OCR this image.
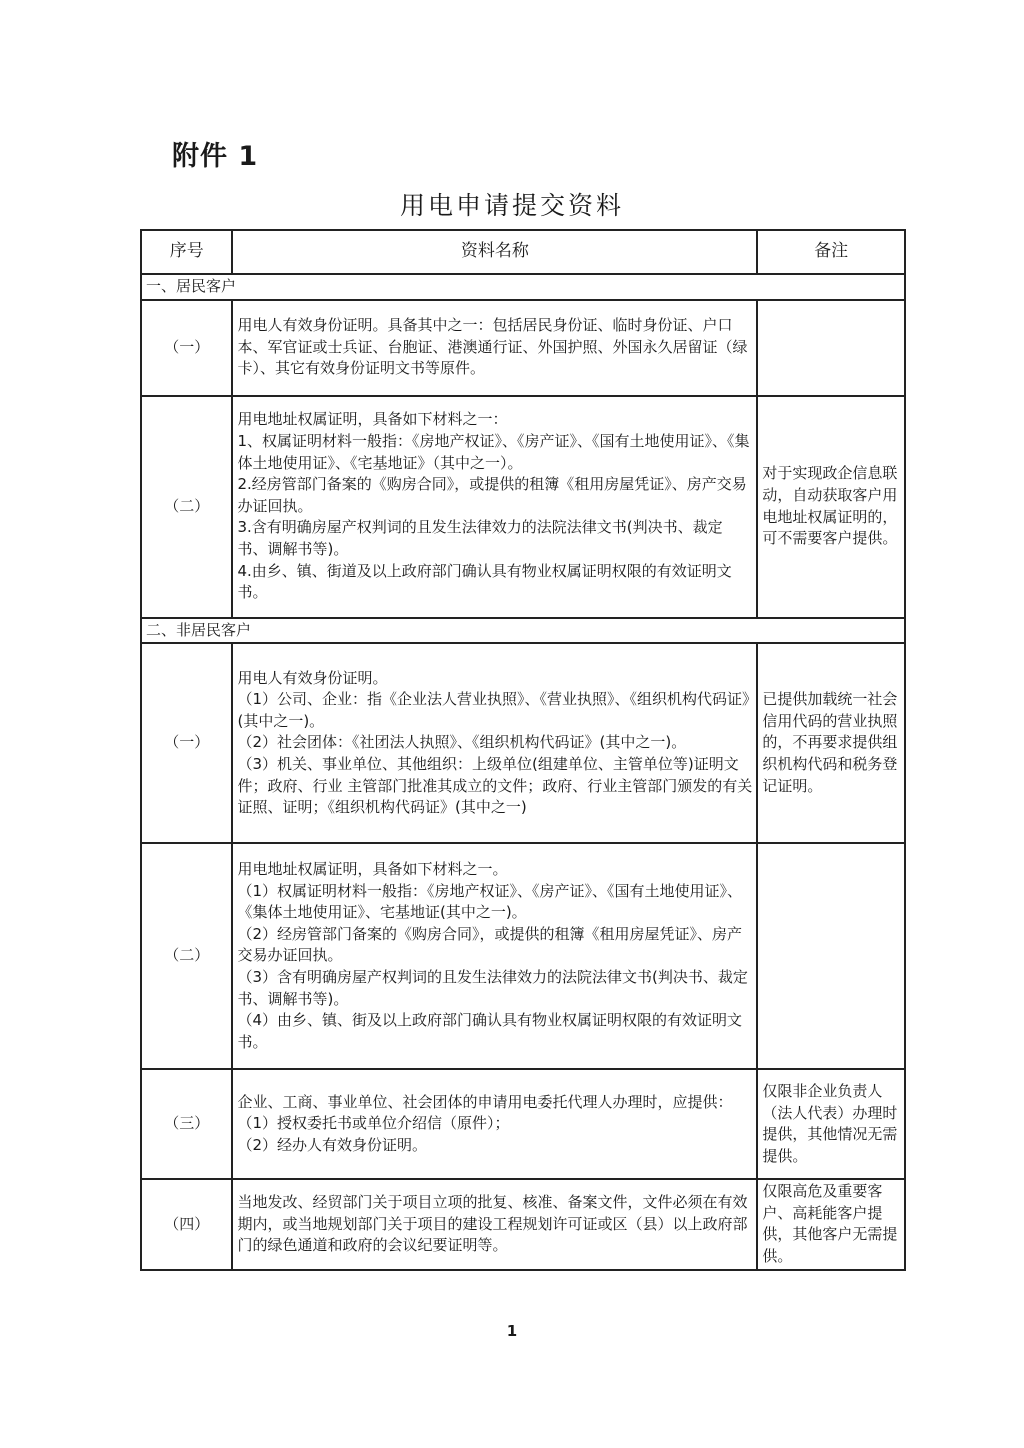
附件 1
用电申请提交资料
序号	资料名称	备注
一、居民客户		
（一）	用电人有效身份证明。具备其中之一：包括居民身份证、临时身份证、户口本、军官证或士兵证、台胞证、港澳通行证、外国护照、外国永久居留证（绿卡）、其它有效身份证明文书等原件。	
（二）	用电地址权属证明，具备如下材料之一：
1、权属证明材料一般指：《房地产权证》、《房产证》、《国有土地使用证》、《集体土地使用证》、《宅基地证》（其中之一）。
2.经房管部门备案的《购房合同》，或提供的租簿《租用房屋凭证》、房产交易办证回执。
3.含有明确房屋产权判词的且发生法律效力的法院法律文书(判决书、裁定书、调解书等)。
4.由乡、镇、街道及以上政府部门确认具有物业权属证明权限的有效证明文书。	对于实现政企信息联动，自动获取客户用电地址权属证明的，可不需要客户提供。
二、非居民客户		
（一）	用电人有效身份证明。
（1）公司、企业：指《企业法人营业执照》、《营业执照》、《组织机构代码证》(其中之一)。
（2）社会团体：《社团法人执照》、《组织机构代码证》(其中之一)。
（3）机关、事业单位、其他组织：上级单位(组建单位、主管单位等)证明文件；政府、行业 主管部门批准其成立的文件；政府、行业主管部门颁发的有关证照、证明；《组织机构代码证》(其中之一)	已提供加载统一社会信用代码的营业执照的，不再要求提供组织机构代码和税务登记证明。
（二）	用电地址权属证明，具备如下材料之一。
（1）权属证明材料一般指：《房地产权证》、《房产证》、《国有土地使用证》、《集体土地使用证》、宅基地证(其中之一)。
（2）经房管部门备案的《购房合同》，或提供的租簿《租用房屋凭证》、房产交易办证回执。
（3）含有明确房屋产权判词的且发生法律效力的法院法律文书(判决书、裁定书、调解书等)。
（4）由乡、镇、街及以上政府部门确认具有物业权属证明权限的有效证明文书。	
（三）	企业、工商、事业单位、社会团体的申请用电委托代理人办理时，应提供：
（1）授权委托书或单位介绍信（原件）；
（2）经办人有效身份证明。	仅限非企业负责人（法人代表）办理时提供，其他情况无需提供。
（四）	当地发改、经贸部门关于项目立项的批复、核准、备案文件，文件必须在有效期内，或当地规划部门关于项目的建设工程规划许可证或区（县）以上政府部门的绿色通道和政府的会议纪要证明等。	仅限高危及重要客户、高耗能客户提供，其他客户无需提供。
1
